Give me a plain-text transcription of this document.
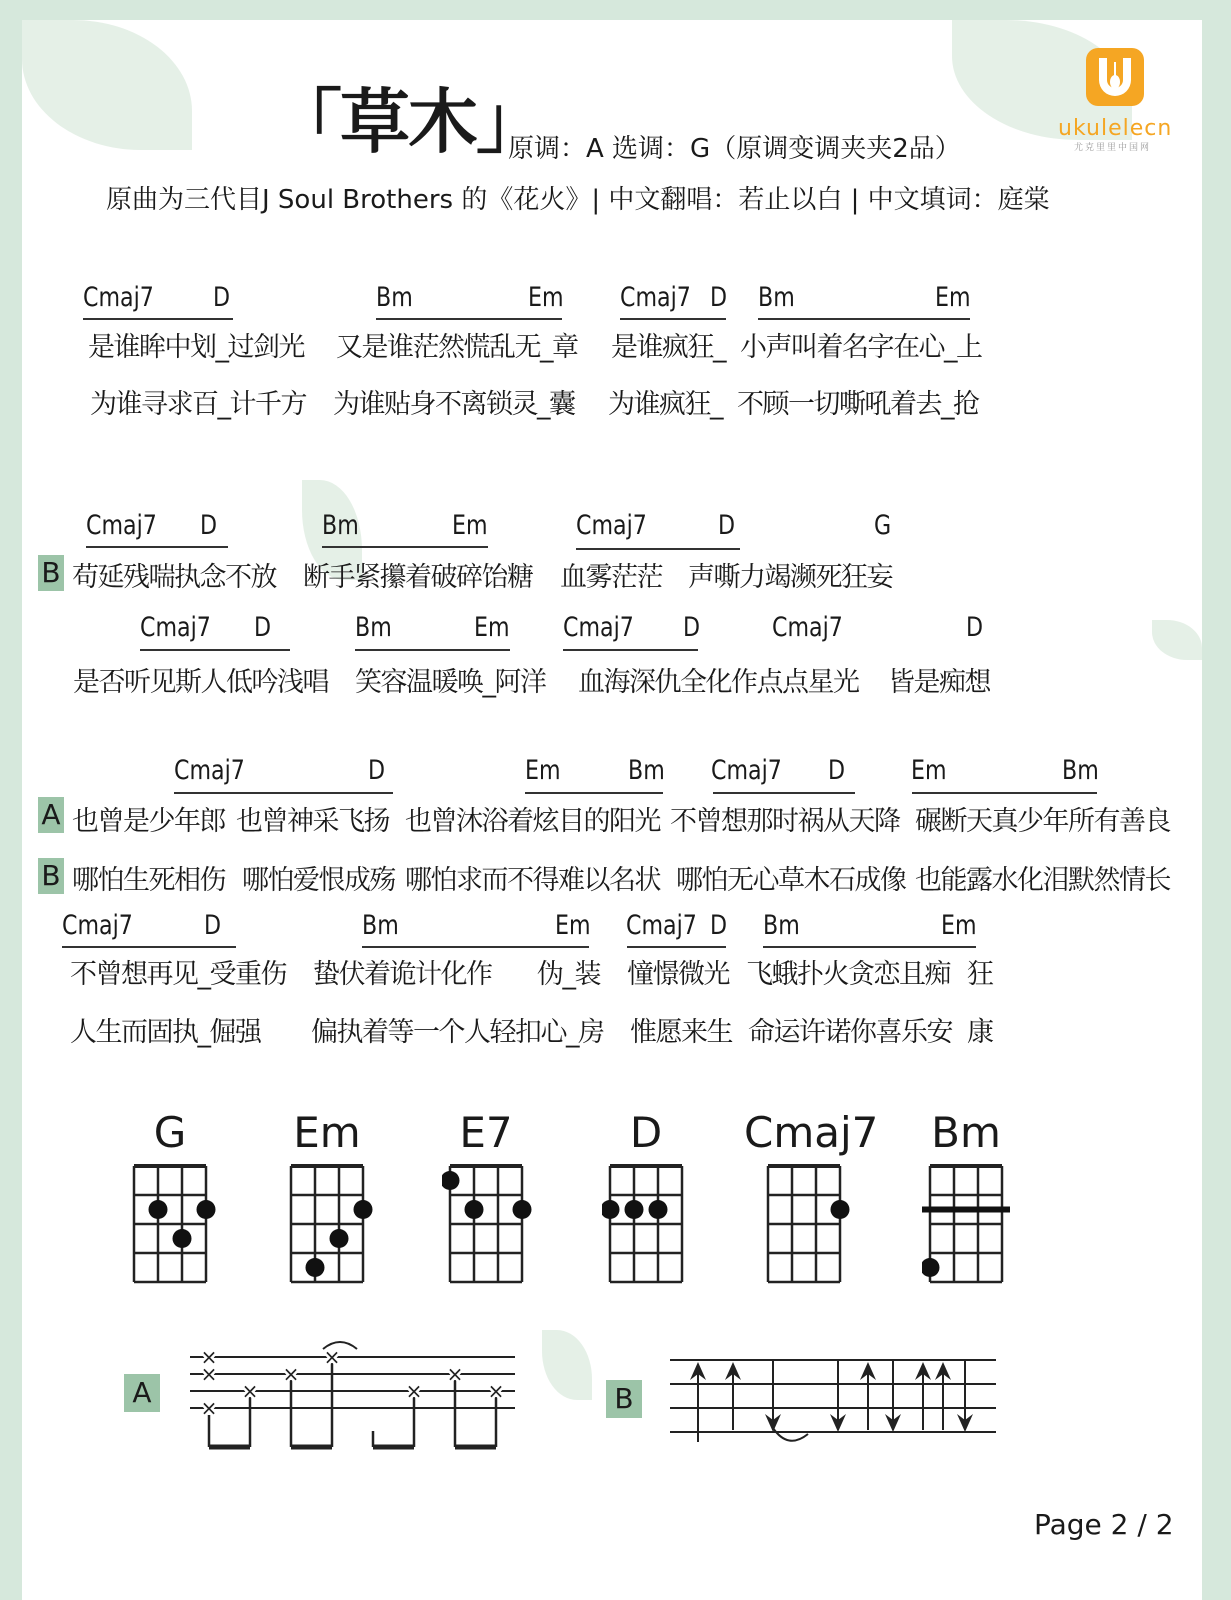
「草木」
原调：A 选调：G（原调变调夹夹2品）
原曲为三代目J Soul Brothers 的《花火》| 中文翻唱：若止以白 | 中文填词：庭棠
ukulelecn
尤克里里中国网
Cmaj7 D	Bm	Em Cmaj7 D Bm	Em
是谁眸中划_过剑光 又是谁茫然慌乱无_章 是谁疯狂_ 小声叫着名字在心_上
为谁寻求百_计千方 为谁贴身不离锁灵_囊 为谁疯狂_ 不顾一切嘶吼着去_抢
Cmaj7 D	Bm	Em	Cmaj7	D	G
B 苟延残喘执念不放 断手紧攥着破碎饴糖 血雾茫茫 声嘶力竭濒死狂妄
Cmaj7 D	Bm	Em Cmaj7 D	Cmaj7	D
是否听见斯人低吟浅唱 笑容温暖唤_阿洋 血海深仇全化作点点星光 皆是痴想
Cmaj7	D	Em Bm Cmaj7 D Em	Bm
A 也曾是少年郎 也曾神采飞扬 也曾沐浴着炫目的阳光 不曾想那时祸从天降 碾断天真少年所有善良
B 哪怕生死相伤 哪怕爱恨成殇 哪怕求而不得难以名状 哪怕无心草木石成像 也能露水化泪默然情长
Cmaj7	D	Bm	Em Cmaj7 D Bm	Em
不曾想再见_受重伤 蛰伏着诡计化作 伪_装 憧憬微光 飞蛾扑火贪恋且痴 狂
人生而固执_倔强 偏执着等一个人轻扣心_房 惟愿来生 命运许诺你喜乐安 康
G	Em	E7	D	Cmaj7	Bm
A
×
×
×
×
×
×
×
×
×	B
Page 2 / 2
